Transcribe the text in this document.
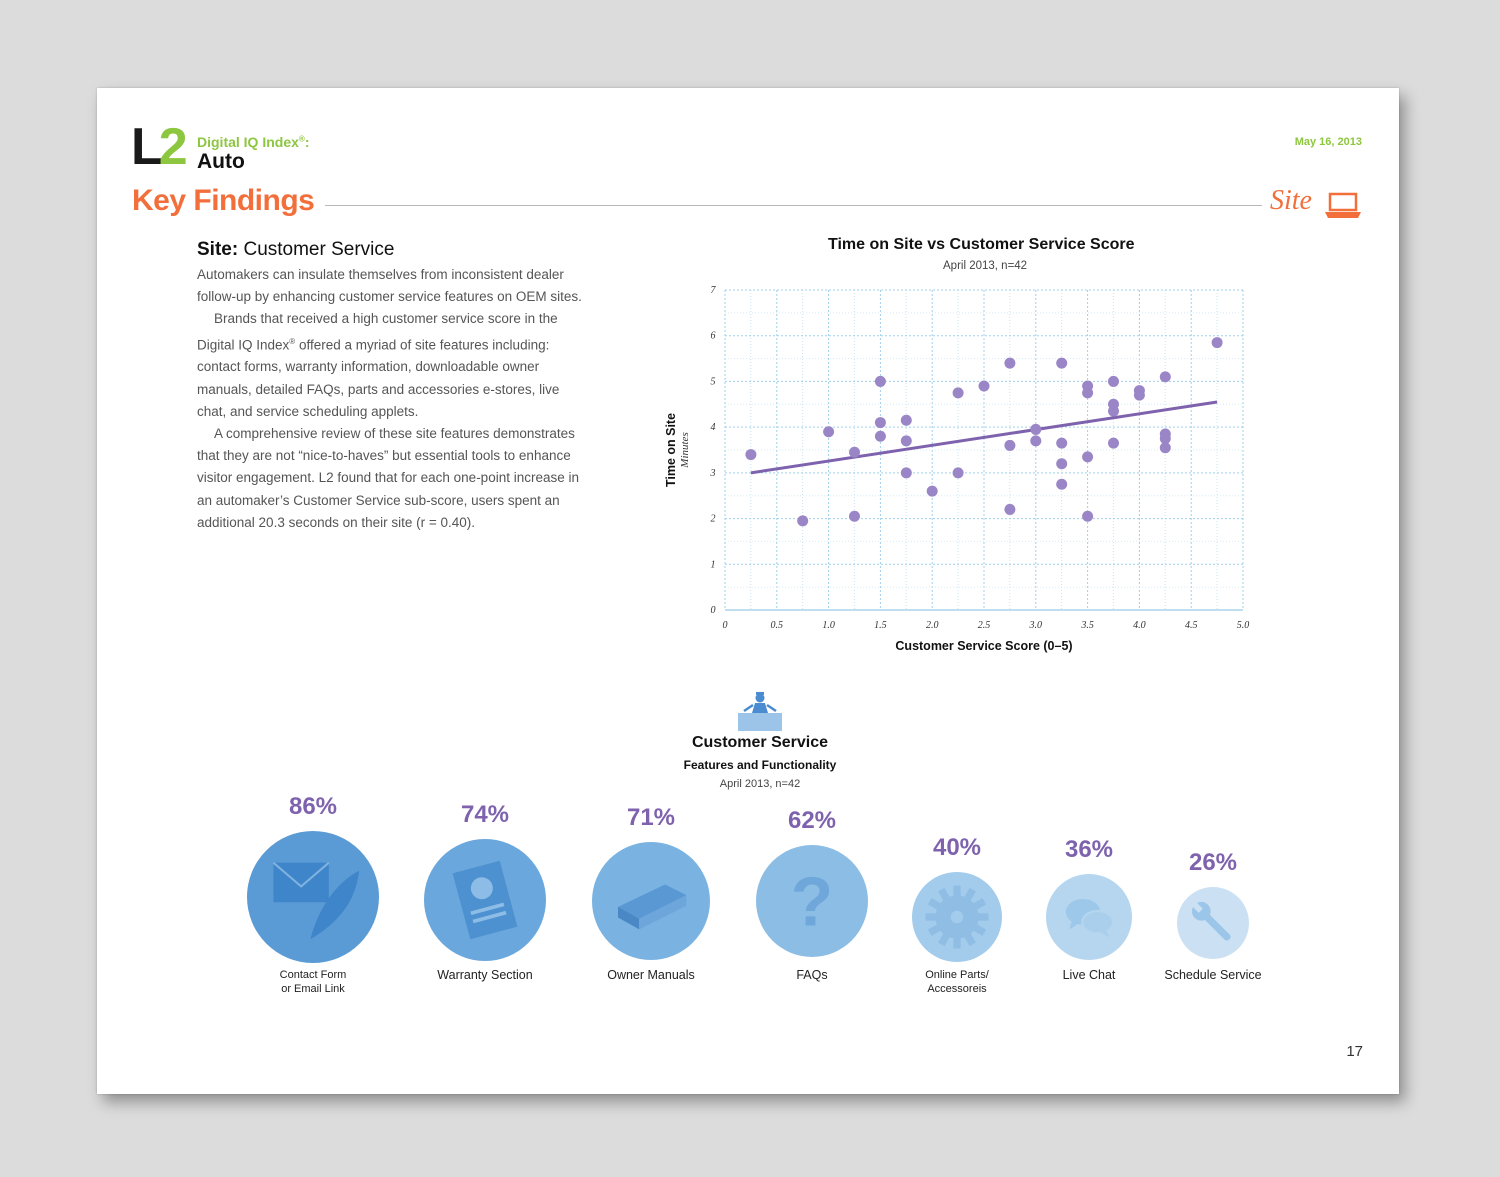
L2 Digital IQ Index®:
Auto
May 16, 2013
Key Findings	Site
Site: Customer Service

Automakers can insulate themselves from inconsistent dealer follow-up by enhancing customer service features on OEM sites.

Brands that received a high customer service score in the Digital IQ Index® offered a myriad of site features including: contact forms, warranty information, downloadable owner manuals, detailed FAQs, parts and accessories e-stores, live chat, and service scheduling applets.

A comprehensive review of these site features demonstrates that they are not “nice-to-haves” but essential tools to enhance visitor engagement. L2 found that for each one-point increase in an automaker’s Customer Service sub-score, users spent an additional 20.3 seconds on their site (r = 0.40).

Time on Site vs Customer Service Score
April 2013, n=42
0	0.5	1.0	1.5	2.0	2.5	3.0	3.5	4.0	4.5	5.0
0
1
2
3
4
5
6
7
Customer Service Score (0–5)
Time on Site Minutes
Customer Service
Features and Functionality
April 2013, n=42
86%
Contact Form
or Email Link
74%
Warranty Section
71%
Owner Manuals
62%
?
FAQs
40%
Online Parts/
Accessoreis
36%
Live Chat
26%
Schedule Service
17
